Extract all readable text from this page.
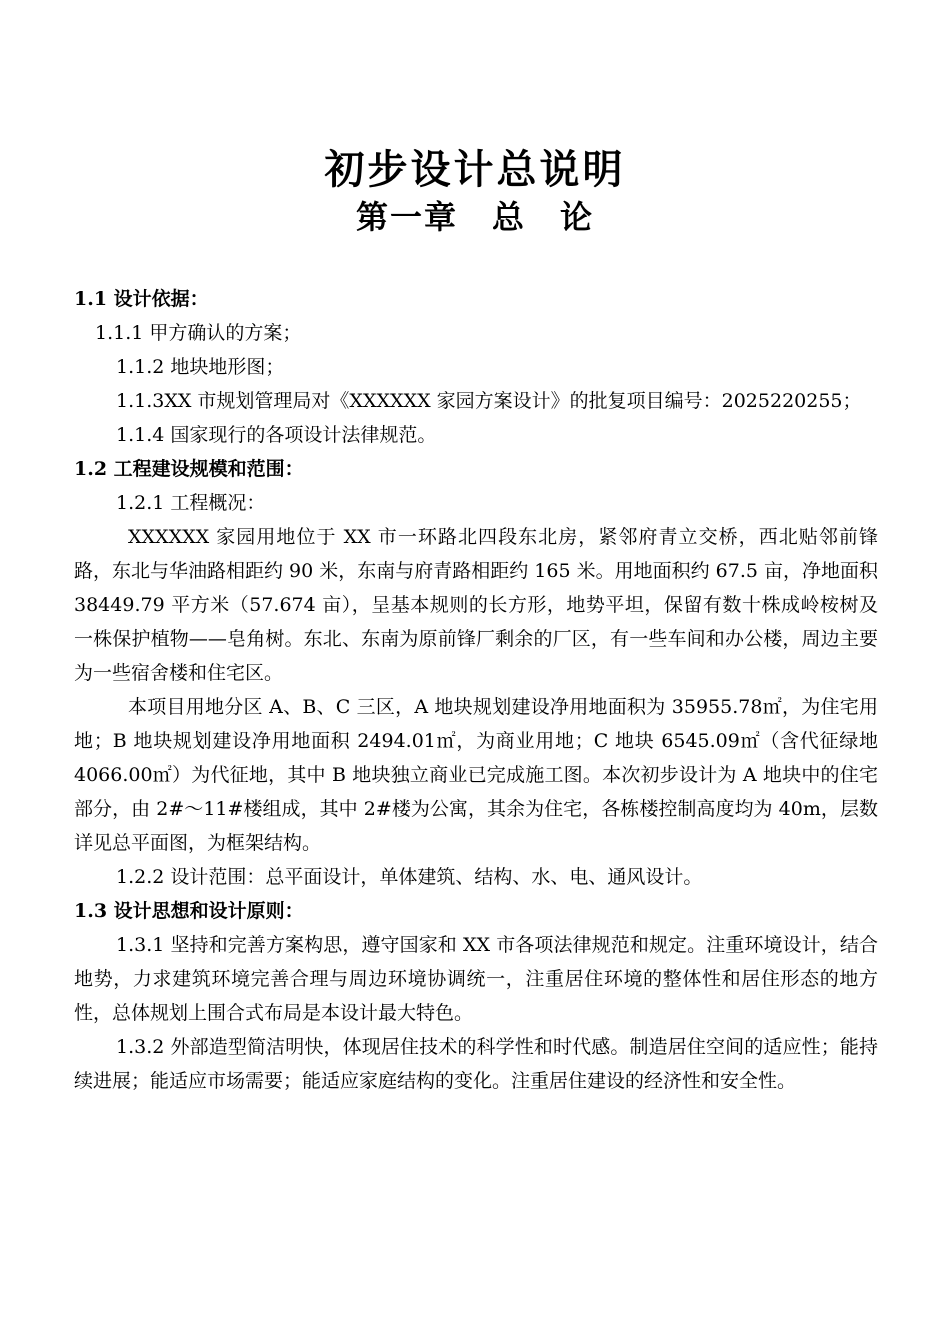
初步设计总说明
第一章　总　论

1.1 设计依据：

1.1.1 甲方确认的方案；

1.1.2 地块地形图；

1.1.3XX 市规划管理局对《XXXXXX 家园方案设计》的批复项目编号：2025220255；

1.1.4 国家现行的各项设计法律规范。

1.2 工程建设规模和范围：

1.2.1 工程概况：

XXXXXX 家园用地位于 XX 市一环路北四段东北房，紧邻府青立交桥，西北贴邻前锋路，东北与华油路相距约 90 米，东南与府青路相距约 165 米。用地面积约 67.5 亩，净地面积 38449.79 平方米（57.674 亩），呈基本规则的长方形，地势平坦，保留有数十株成岭桉树及一株保护植物——皂角树。东北、东南为原前锋厂剩余的厂区，有一些车间和办公楼，周边主要为一些宿舍楼和住宅区。

本项目用地分区 A、B、C 三区，A 地块规划建设净用地面积为 35955.78㎡，为住宅用地；B 地块规划建设净用地面积 2494.01㎡，为商业用地；C 地块 6545.09㎡（含代征绿地 4066.00㎡）为代征地，其中 B 地块独立商业已完成施工图。本次初步设计为 A 地块中的住宅部分，由 2#～11#楼组成，其中 2#楼为公寓，其余为住宅，各栋楼控制高度均为 40m，层数详见总平面图，为框架结构。

1.2.2 设计范围：总平面设计，单体建筑、结构、水、电、通风设计。

1.3 设计思想和设计原则：

1.3.1 坚持和完善方案构思，遵守国家和 XX 市各项法律规范和规定。注重环境设计，结合地势，力求建筑环境完善合理与周边环境协调统一，注重居住环境的整体性和居住形态的地方性，总体规划上围合式布局是本设计最大特色。

1.3.2 外部造型简洁明快，体现居住技术的科学性和时代感。制造居住空间的适应性；能持续进展；能适应市场需要；能适应家庭结构的变化。注重居住建设的经济性和安全性。
